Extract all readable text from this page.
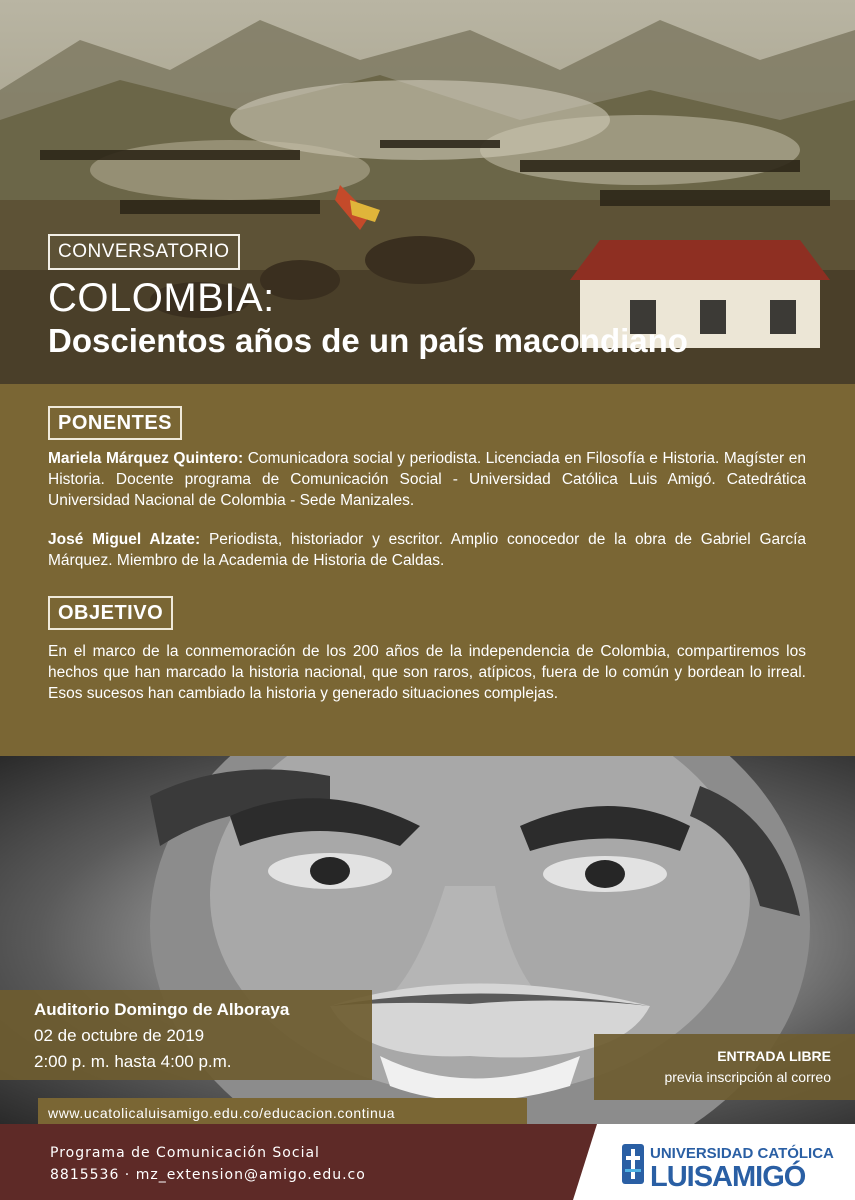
CONVERSATORIO
COLOMBIA:
Doscientos años de un país macondiano
PONENTES

Mariela Márquez Quintero: Comunicadora social y periodista. Licenciada en Filosofía e Historia. Magíster en Historia. Docente programa de Comunicación Social - Universidad Católica Luis Amigó. Catedrática Universidad Nacional de Colombia - Sede Manizales.

José Miguel Alzate: Periodista, historiador y escritor. Amplio conocedor de la obra de Gabriel García Márquez. Miembro de la Academia de Historia de Caldas.

OBJETIVO

En el marco de la conmemoración de los 200 años de la independencia de Colombia, compartiremos los hechos que han marcado la historia nacional, que son raros, atípicos, fuera de lo común y bordean lo irreal. Esos sucesos han cambiado la historia y generado situaciones complejas.

Auditorio Domingo de Alboraya
02 de octubre de 2019
2:00 p. m. hasta 4:00 p.m.	ENTRADA LIBRE
previa inscripción al correo
www.ucatolicaluisamigo.edu.co/educacion.continua
Programa de Comunicación Social
8815536 · mz_extension@amigo.edu.co
UNIVERSIDAD CATÓLICA
LUISAMIGÓ
